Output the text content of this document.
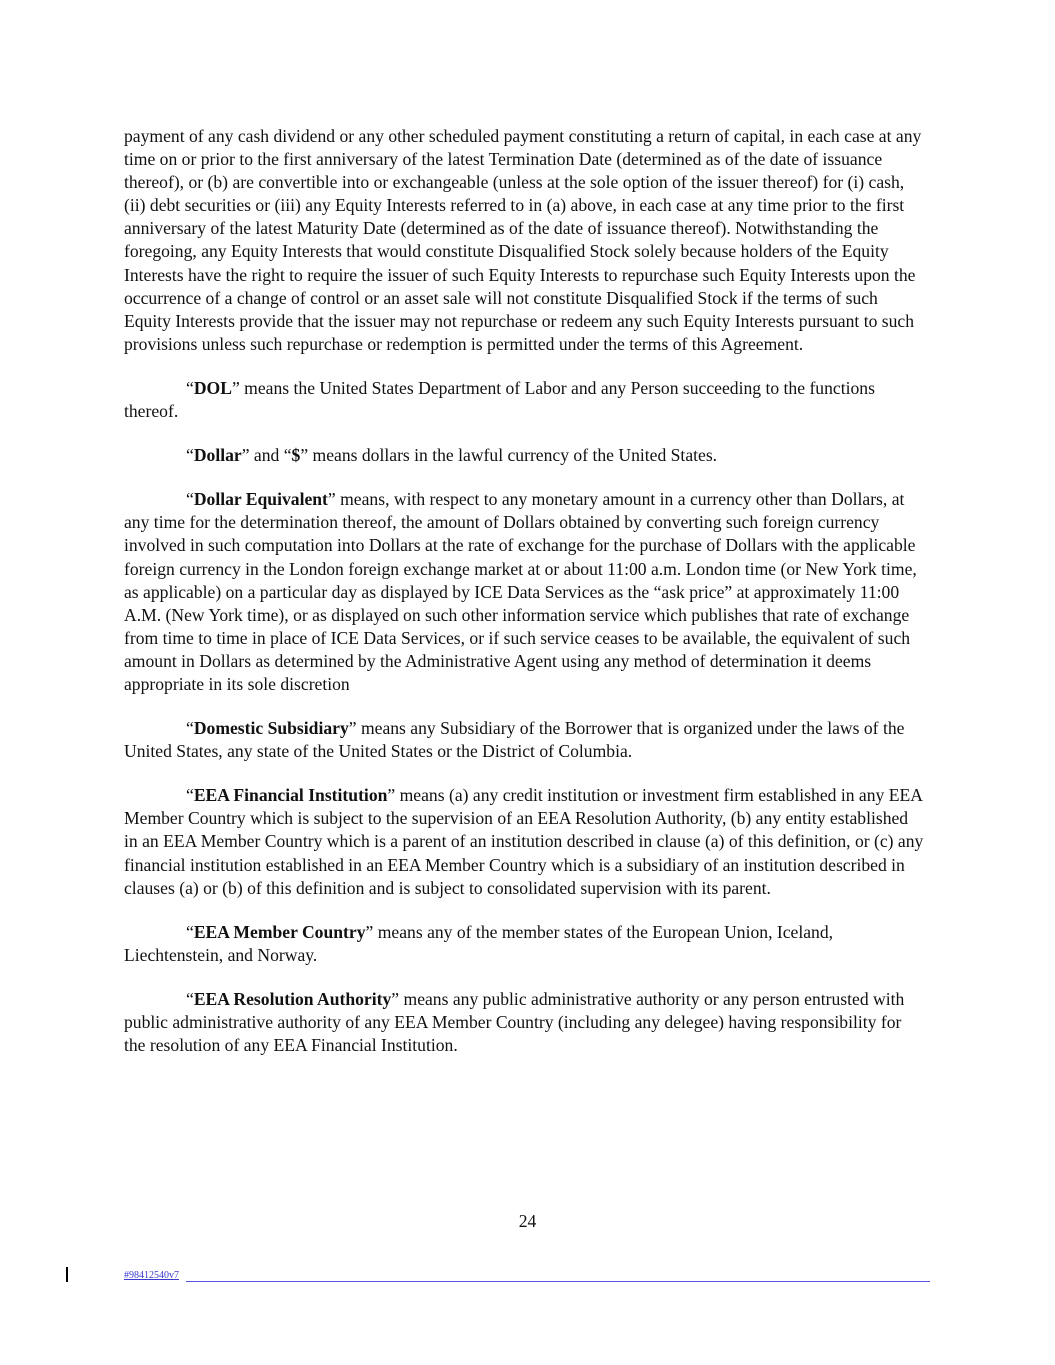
payment of any cash dividend or any other scheduled payment constituting a return of capital, in each case at any time on or prior to the first anniversary of the latest Termination Date (determined as of the date of issuance thereof), or (b) are convertible into or exchangeable (unless at the sole option of the issuer thereof) for (i) cash, (ii) debt securities or (iii) any Equity Interests referred to in (a) above, in each case at any time prior to the first anniversary of the latest Maturity Date (determined as of the date of issuance thereof). Notwithstanding the foregoing, any Equity Interests that would constitute Disqualified Stock solely because holders of the Equity Interests have the right to require the issuer of such Equity Interests to repurchase such Equity Interests upon the occurrence of a change of control or an asset sale will not constitute Disqualified Stock if the terms of such Equity Interests provide that the issuer may not repurchase or redeem any such Equity Interests pursuant to such provisions unless such repurchase or redemption is permitted under the terms of this Agreement.

“DOL” means the United States Department of Labor and any Person succeeding to the functions thereof.

“Dollar” and “$” means dollars in the lawful currency of the United States.

“Dollar Equivalent” means, with respect to any monetary amount in a currency other than Dollars, at any time for the determination thereof, the amount of Dollars obtained by converting such foreign currency involved in such computation into Dollars at the rate of exchange for the purchase of Dollars with the applicable foreign currency in the London foreign exchange market at or about 11:00 a.m. London time (or New York time, as applicable) on a particular day as displayed by ICE Data Services as the “ask price” at approximately 11:00 A.M. (New York time), or as displayed on such other information service which publishes that rate of exchange from time to time in place of ICE Data Services, or if such service ceases to be available, the equivalent of such amount in Dollars as determined by the Administrative Agent using any method of determination it deems appropriate in its sole discretion

“Domestic Subsidiary” means any Subsidiary of the Borrower that is organized under the laws of the United States, any state of the United States or the District of Columbia.

“EEA Financial Institution” means (a) any credit institution or investment firm established in any EEA Member Country which is subject to the supervision of an EEA Resolution Authority, (b) any entity established in an EEA Member Country which is a parent of an institution described in clause (a) of this definition, or (c) any financial institution established in an EEA Member Country which is a subsidiary of an institution described in clauses (a) or (b) of this definition and is subject to consolidated supervision with its parent.

“EEA Member Country” means any of the member states of the European Union, Iceland, Liechtenstein, and Norway.

“EEA Resolution Authority” means any public administrative authority or any person entrusted with public administrative authority of any EEA Member Country (including any delegee) having responsibility for the resolution of any EEA Financial Institution.

24
#98412540v7
